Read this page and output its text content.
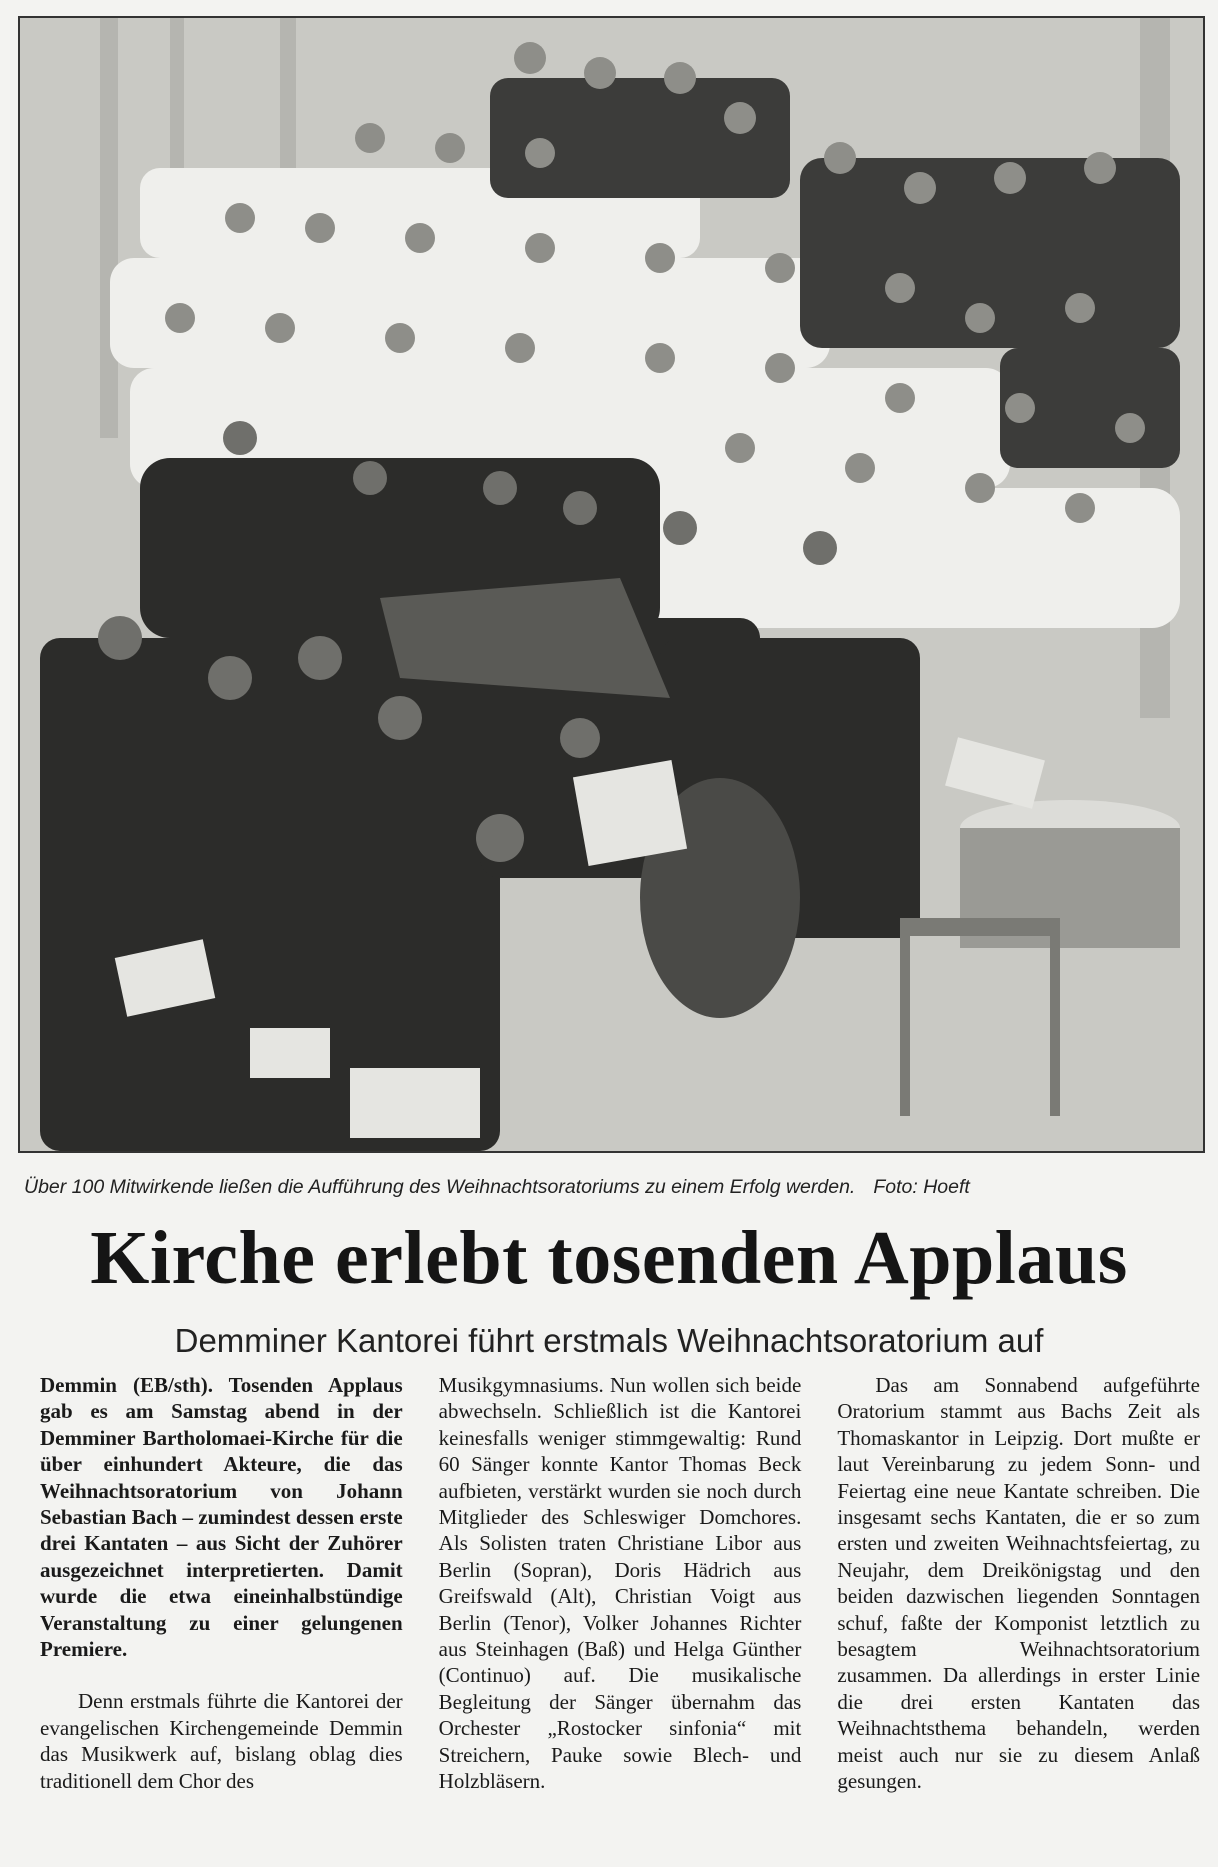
Über 100 Mitwirkende ließen die Aufführung des Weihnachtsoratoriums zu einem Erfolg werden. Foto: Hoeft
Kirche erlebt tosenden Applaus
Demminer Kantorei führt erstmals Weihnachtsoratorium auf

Demmin (EB/sth). Tosenden Applaus gab es am Samstag abend in der Demminer Bartholomaei-Kirche für die über einhundert Akteure, die das Weihnachtsoratorium von Johann Sebastian Bach – zumindest dessen erste drei Kantaten – aus Sicht der Zuhörer ausgezeichnet interpretierten. Damit wurde die etwa eineinhalbstündige Veranstaltung zu einer gelungenen Premiere.

Denn erstmals führte die Kantorei der evangelischen Kirchengemeinde Demmin das Musikwerk auf, bislang oblag dies traditionell dem Chor des

Musikgymnasiums. Nun wollen sich beide abwechseln. Schließlich ist die Kantorei keinesfalls weniger stimmgewaltig: Rund 60 Sänger konnte Kantor Thomas Beck aufbieten, verstärkt wurden sie noch durch Mitglieder des Schleswiger Domchores. Als Solisten traten Christiane Libor aus Berlin (Sopran), Doris Hädrich aus Greifswald (Alt), Christian Voigt aus Berlin (Tenor), Volker Johannes Richter aus Steinhagen (Baß) und Helga Günther (Continuo) auf. Die musikalische Begleitung der Sänger übernahm das Orchester „Rostocker sinfonia“ mit Streichern, Pauke sowie Blech- und Holzbläsern.

Das am Sonnabend aufgeführte Oratorium stammt aus Bachs Zeit als Thomaskantor in Leipzig. Dort mußte er laut Vereinbarung zu jedem Sonn- und Feiertag eine neue Kantate schreiben. Die insgesamt sechs Kantaten, die er so zum ersten und zweiten Weihnachtsfeiertag, zu Neujahr, dem Dreikönigstag und den beiden dazwischen liegenden Sonntagen schuf, faßte der Komponist letztlich zu besagtem Weihnachtsoratorium zusammen. Da allerdings in erster Linie die drei ersten Kantaten das Weihnachtsthema behandeln, werden meist auch nur sie zu diesem Anlaß gesungen.
